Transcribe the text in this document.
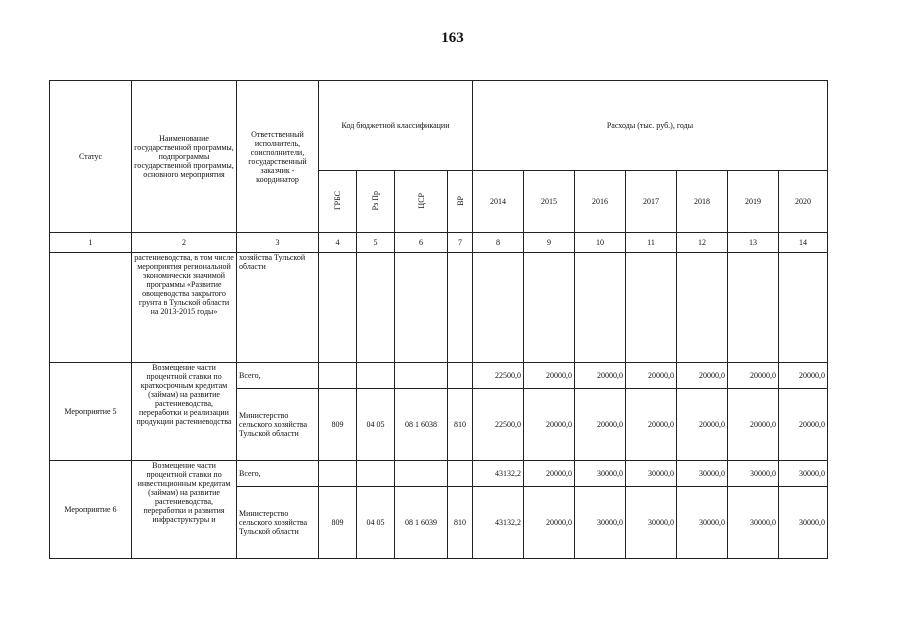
163
Статус	Наименование государственной программы, подпрограммы государственной программы, основного мероприятия	Ответственный исполнитель, соисполнители, государственный заказчик - координатор	Код бюджетной классификации				Расходы (тыс. руб.), годы						
			ГРБС	Рз Пр	ЦСР	ВР	2014	2015	2016	2017	2018	2019	2020
1	2	3	4	5	6	7	8	9	10	11	12	13	14
	растениеводства, в том числе мероприятия региональной экономически значимой программы «Развитие овощеводства закрытого грунта в Тульской области на 2013-2015 годы»	хозяйства Тульской области											
Мероприятие 5	Возмещение части процентной ставки по краткосрочным кредитам (займам) на развитие растениеводства, переработки и реализации продукции растениеводства	Всего,					22500,0	20000,0	20000,0	20000,0	20000,0	20000,0	20000,0
		Министерство сельского хозяйства Тульской области	809	04 05	08 1 6038	810	22500,0	20000,0	20000,0	20000,0	20000,0	20000,0	20000,0
Мероприятие 6	Возмещение части процентной ставки по инвестиционным кредитам (займам) на развитие растениеводства, переработки и развития инфраструктуры и	Всего,					43132,2	20000,0	30000,0	30000,0	30000,0	30000,0	30000,0
		Министерство сельского хозяйства Тульской области	809	04 05	08 1 6039	810	43132,2	20000,0	30000,0	30000,0	30000,0	30000,0	30000,0
